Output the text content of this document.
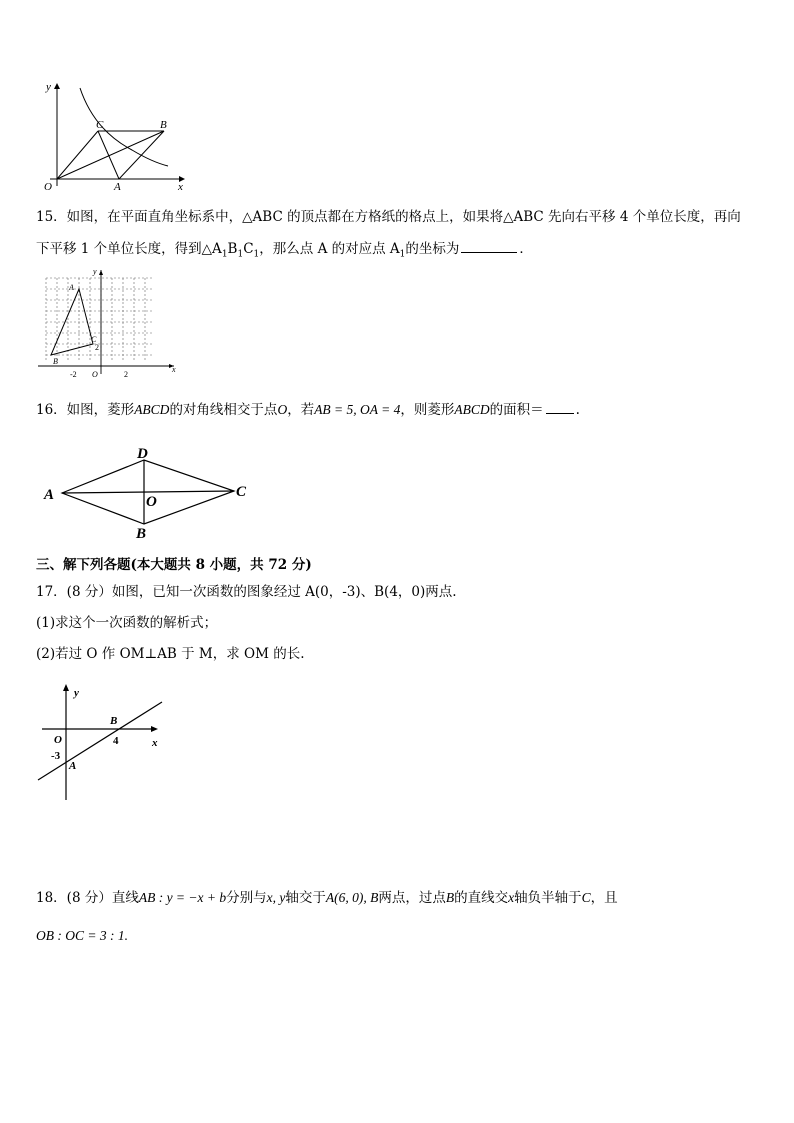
y
x
O	A
B
C
15．如图，在平面直角坐标系中，△ABC 的顶点都在方格纸的格点上，如果将△ABC 先向右平移 4 个单位长度，再向
下平移 1 个单位长度，得到$\triangle A_1B_1C_1$，那么点 A 的对应点 $A_1$的坐标为	．
y
x
A
B
C
2
-2 O	2
16．如图，菱形ABCD的对角线相交于点O，若AB = 5, OA = 4，则菱形ABCD的面积＝ .
A
D
C
B
O
三、解下列各题(本大题共 8 小题，共 72 分)
17．(8 分）如图，已知一次函数的图象经过 A(0，-3)、B(4，0)两点.
(1)求这个一次函数的解析式；
(2)若过 O 作 OM⊥AB 于 M，求 OM 的长.
y
x
O
B
4
-3
A
18．(8 分）直线AB : y = −x + b分别与x, y轴交于A(6, 0), B两点，过点B的直线交x轴负半轴于C，且
OB : OC = 3 : 1.
